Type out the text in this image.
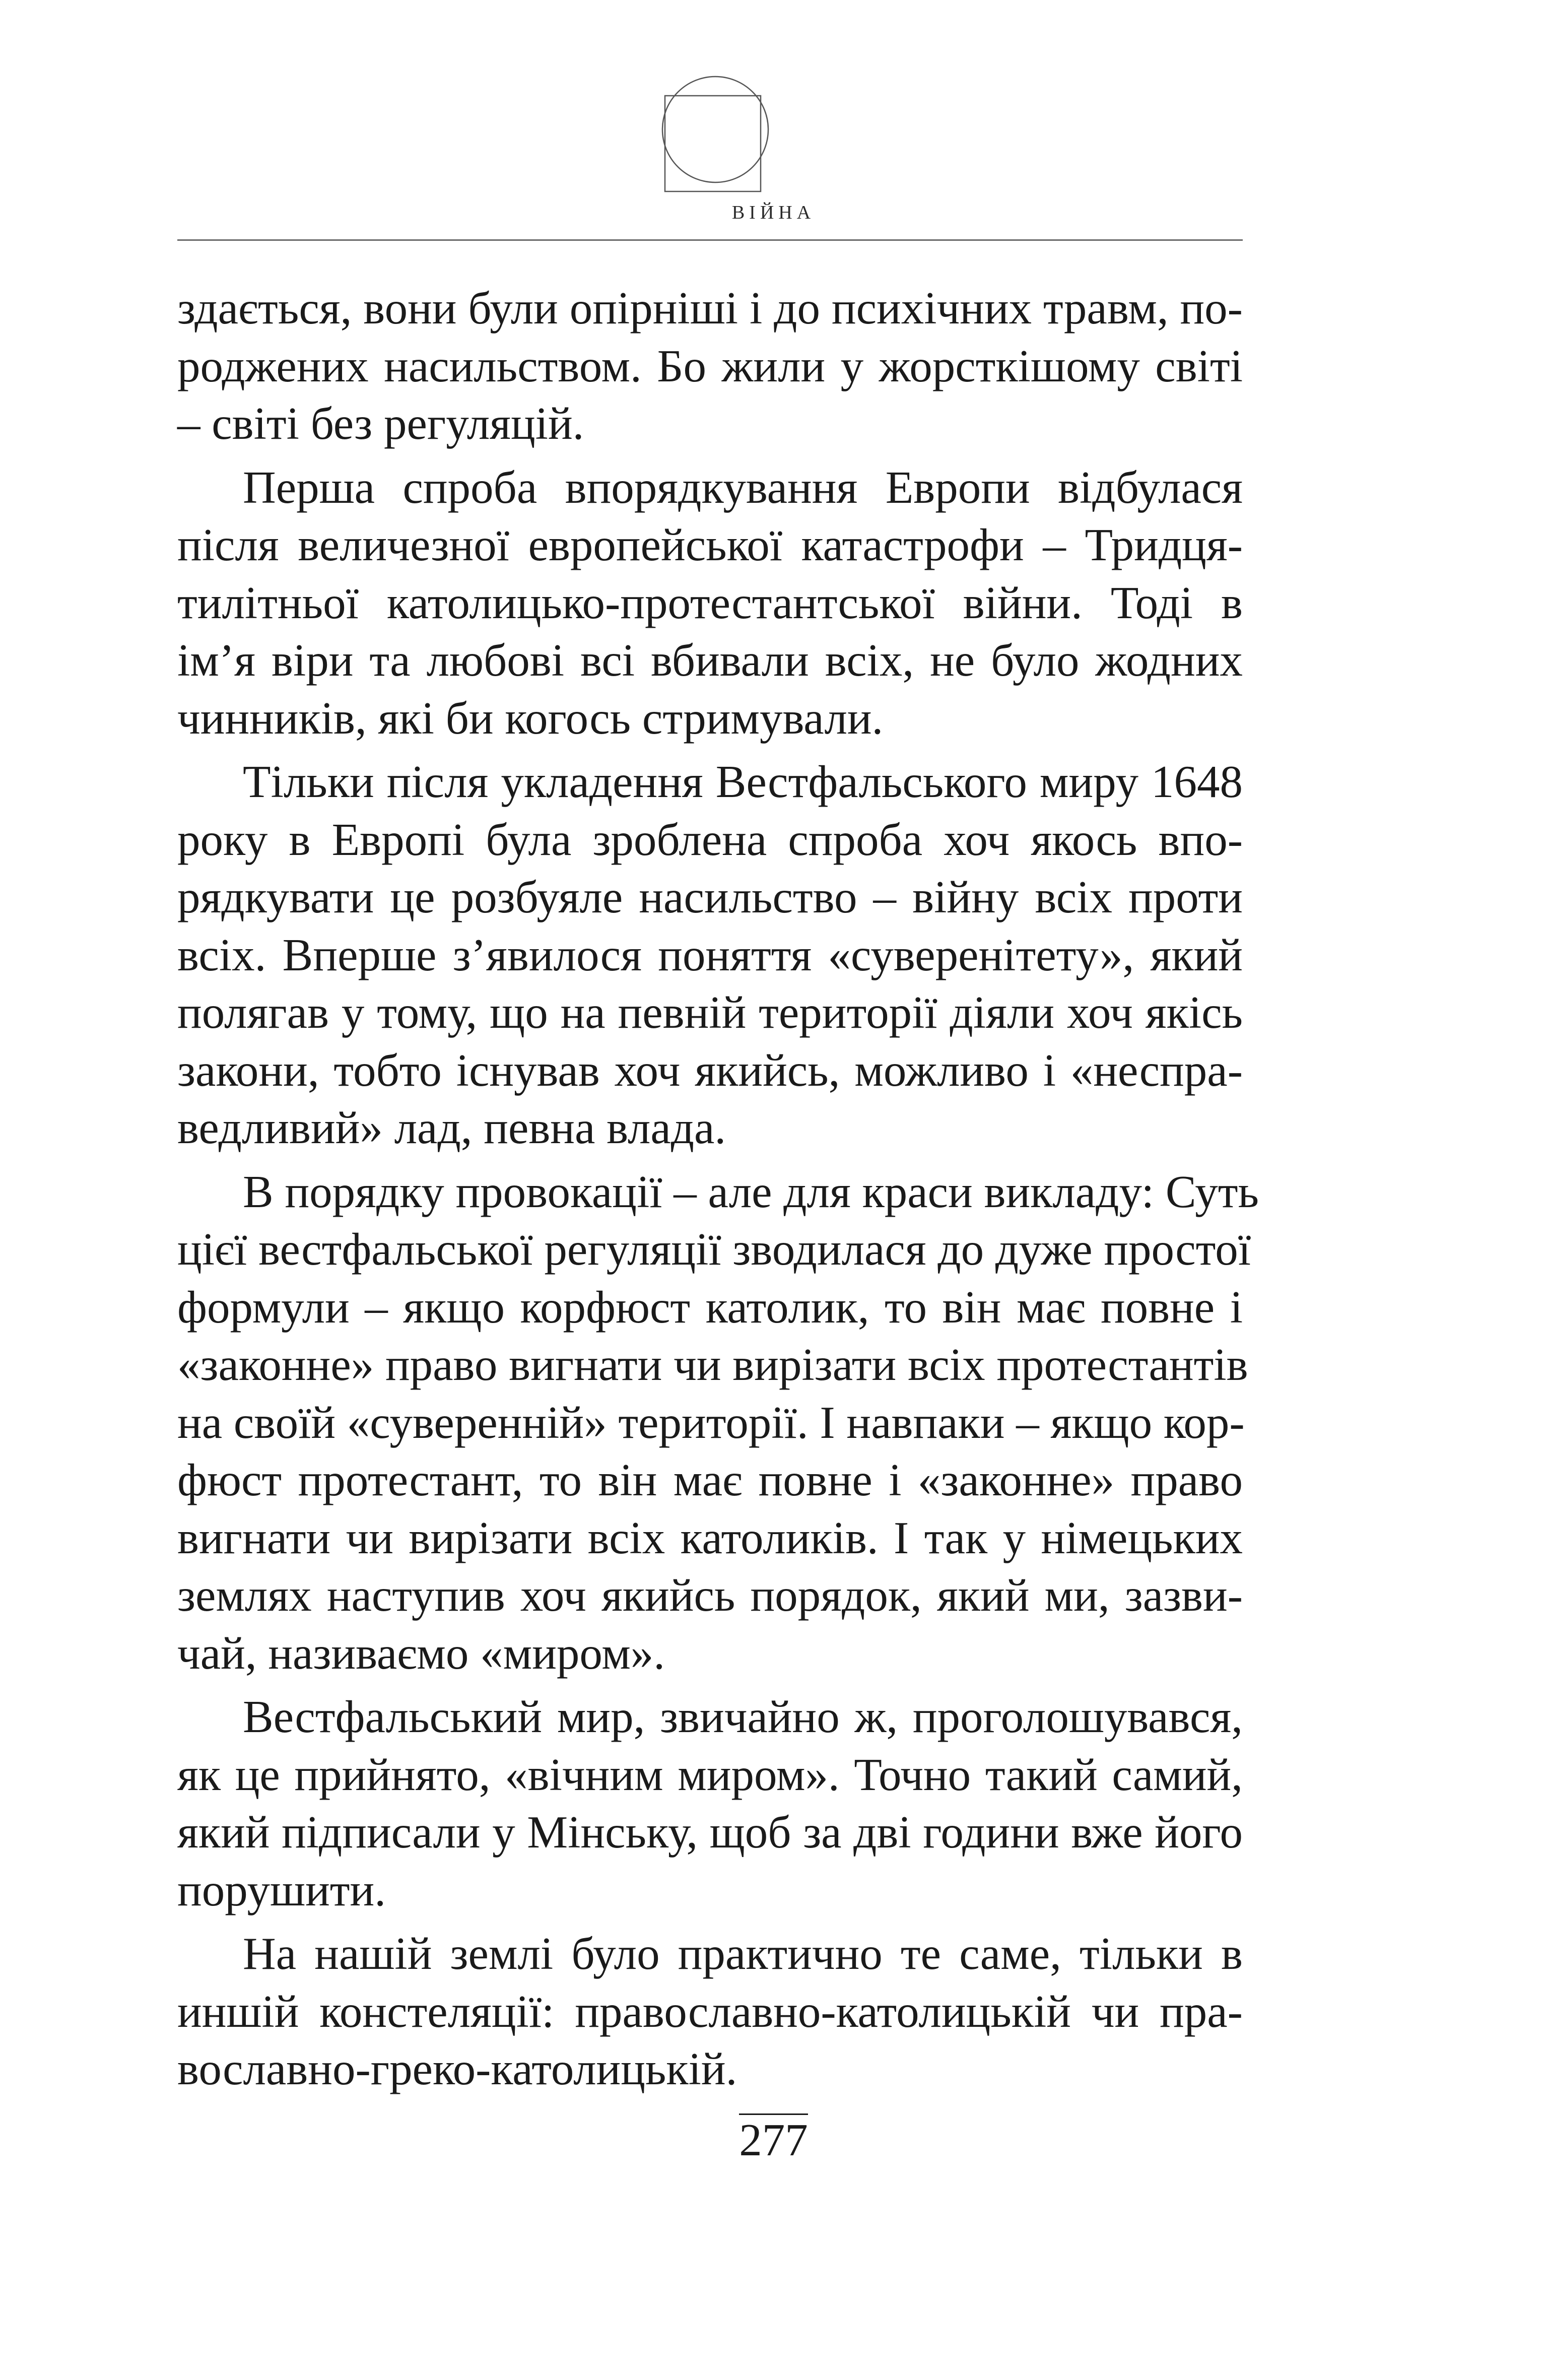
ВІЙНА
здається, вони були опірніші і до психічних травм, по-
роджених насильством. Бо жили у жорсткішому світі
– світі без регуляцій.
Перша спроба впорядкування Европи відбулася
після величезної европейської катастрофи – Тридця-
тилітньої католицько-протестантської війни. Тоді в
ім’я віри та любові всі вбивали всіх, не було жодних
чинників, які би когось стримували.
Тільки після укладення Вестфальського миру 1648
року в Европі була зроблена спроба хоч якось впо-
рядкувати це розбуяле насильство – війну всіх проти
всіх. Вперше з’явилося поняття «суверенітету», який
полягав у тому, що на певній території діяли хоч якісь
закони, тобто існував хоч якийсь, можливо і «неспра-
ведливий» лад, певна влада.
В порядку провокації – але для краси викладу: Суть
цієї вестфальської регуляції зводилася до дуже простої
формули – якщо корфюст католик, то він має повне і
«законне» право вигнати чи вирізати всіх протестантів
на своїй «суверенній» території. І навпаки – якщо кор-
фюст протестант, то він має повне і «законне» право
вигнати чи вирізати всіх католиків. І так у німецьких
землях наступив хоч якийсь порядок, який ми, зазви-
чай, називаємо «миром».
Вестфальський мир, звичайно ж, проголошувався,
як це прийнято, «вічним миром». Точно такий самий,
який підписали у Мінську, щоб за дві години вже його
порушити.
На нашій землі було практично те саме, тільки в
иншій констеляції: православно-католицькій чи пра-
вославно-греко-католицькій.
277
